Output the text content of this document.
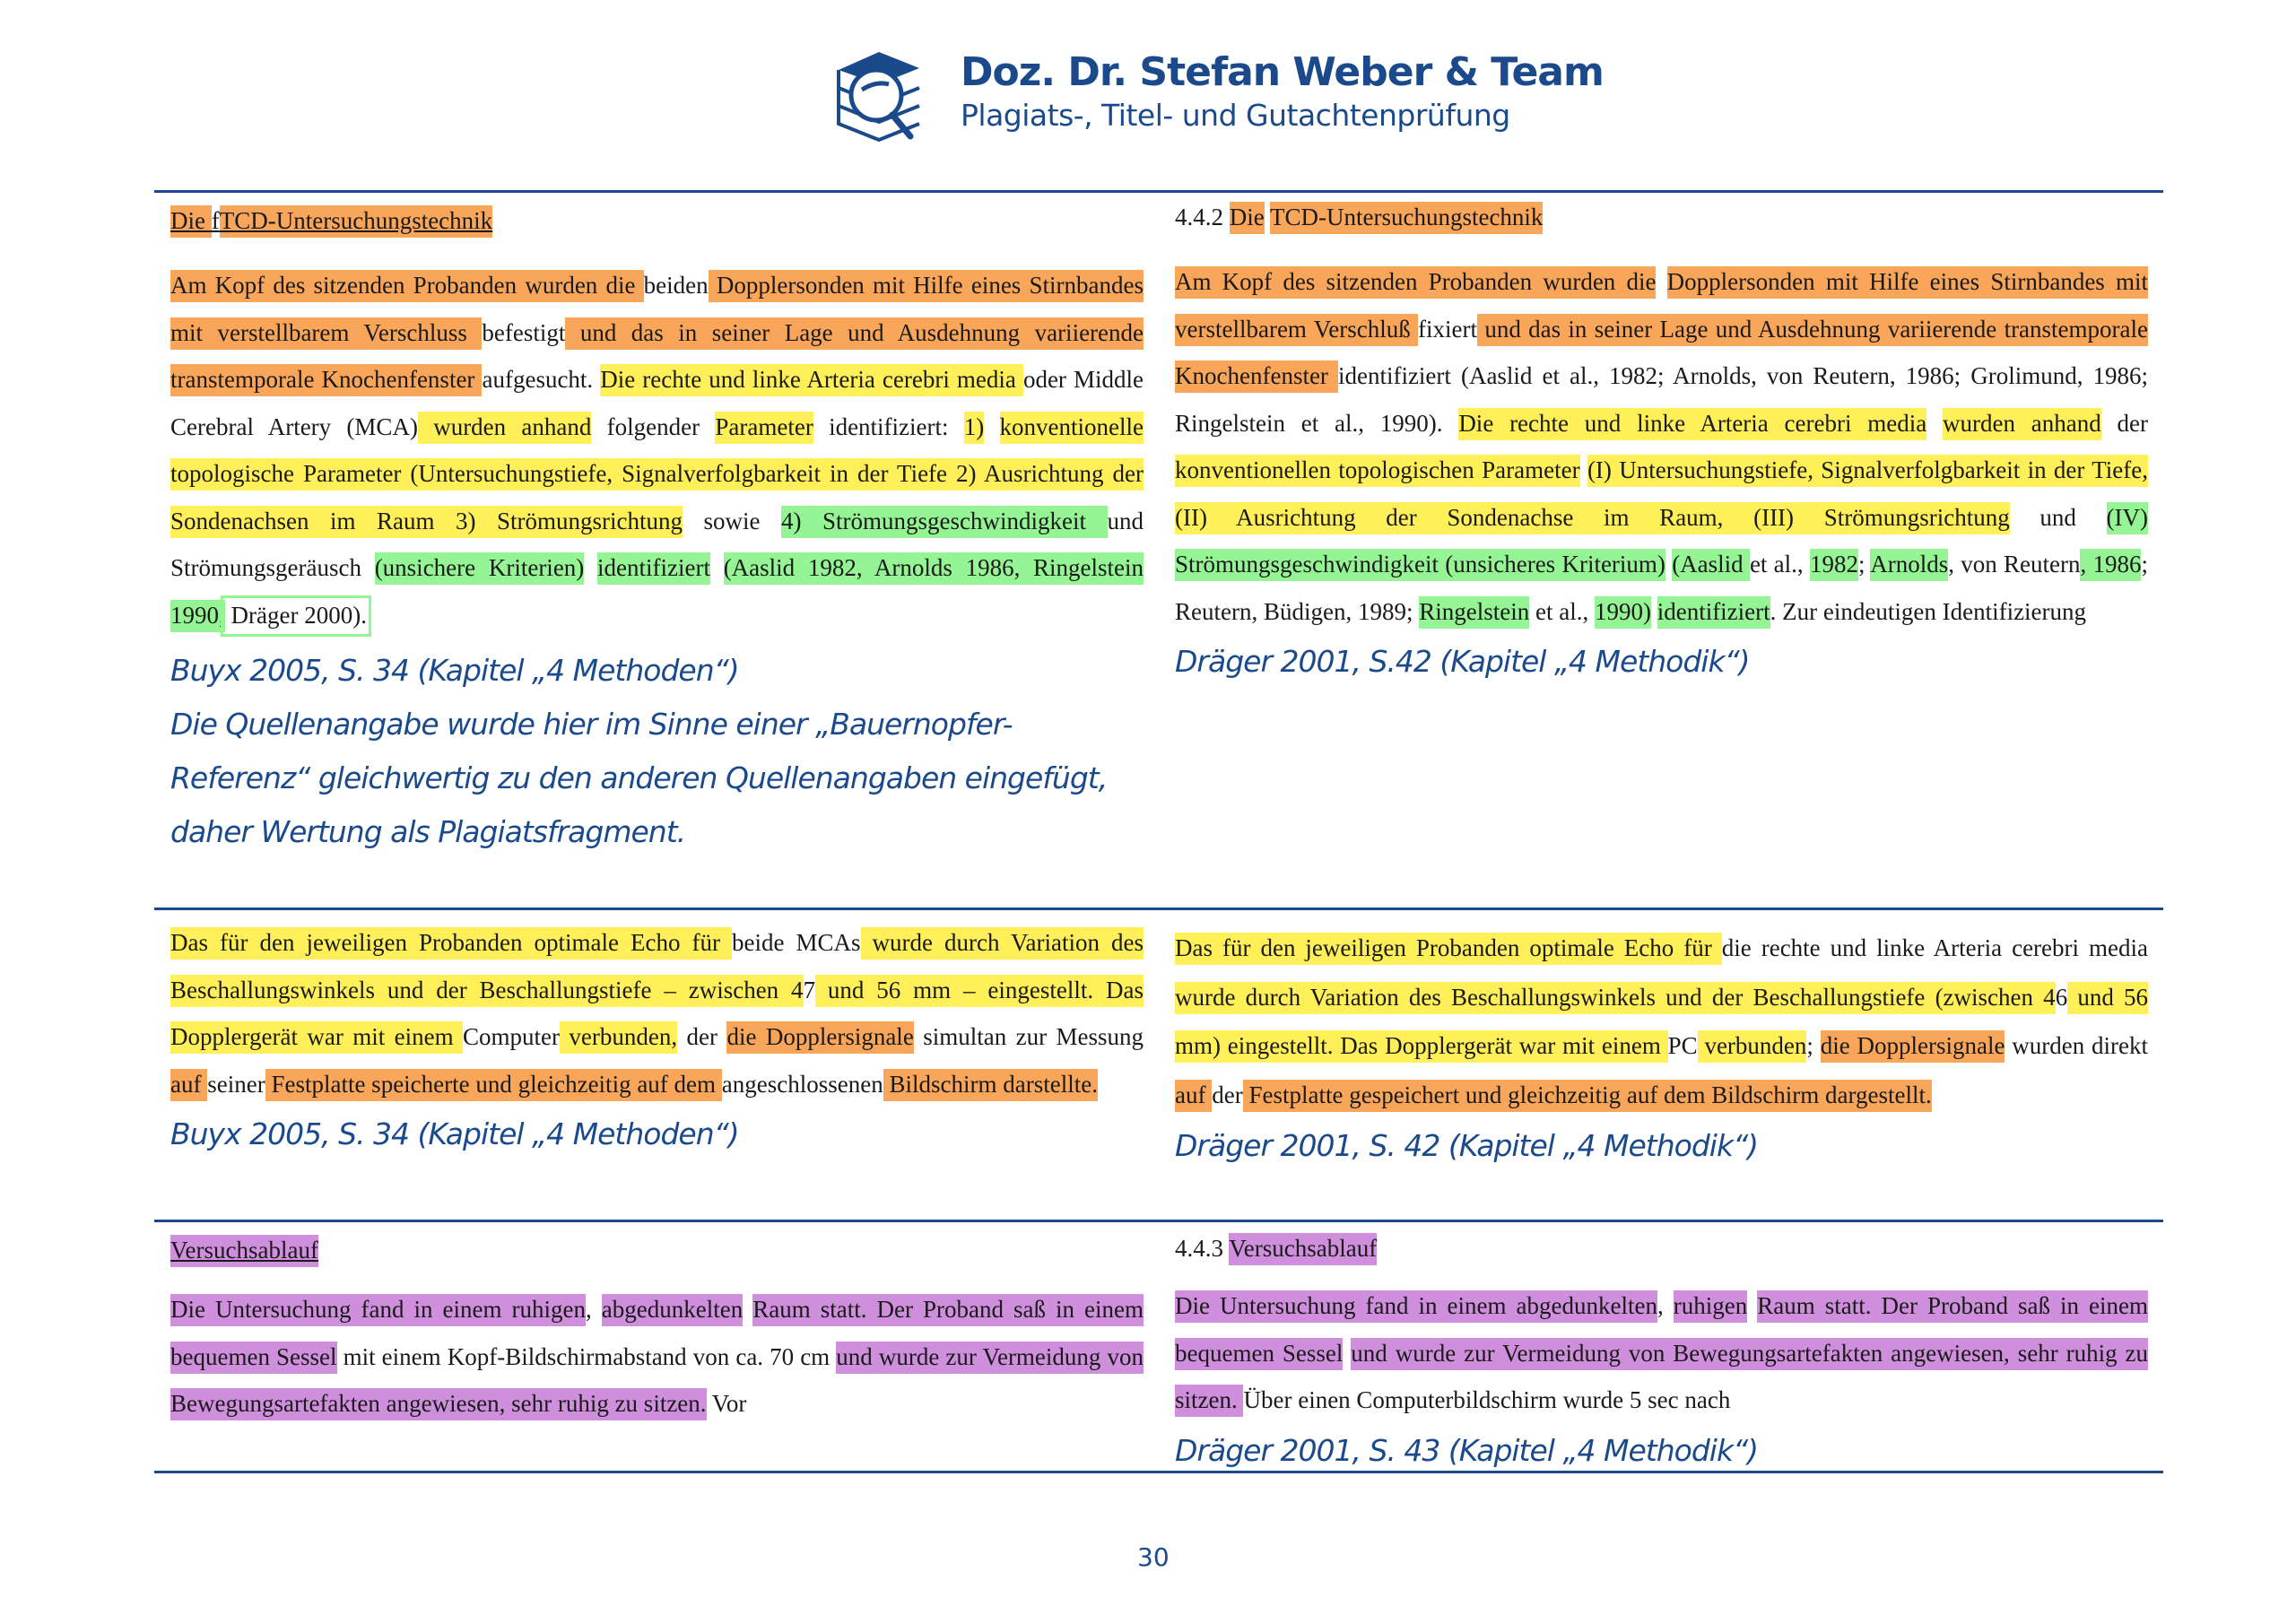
Doz. Dr. Stefan Weber & Team
Plagiats-, Titel- und Gutachtenprüfung

Die fTCD-Untersuchungstechnik

Am Kopf des sitzenden Probanden wurden die beiden Dopplersonden mit Hilfe eines Stirnbandes mit verstellbarem Verschluss befestigt und das in seiner Lage und Ausdehnung variierende transtemporale Knochenfenster aufgesucht. Die rechte und linke Arteria cerebri media oder Middle Cerebral Artery (MCA) wurden anhand folgender Parameter identifiziert: 1) konventionelle topologische Parameter (Untersuchungstiefe, Signalverfolgbarkeit in der Tiefe 2) Ausrichtung der Sondenachsen im Raum 3) Strömungsrichtung sowie 4) Strömungsgeschwindigkeit und Strömungsgeräusch (unsichere Kriterien) identifiziert (Aaslid 1982, Arnolds 1986, Ringelstein 1990, Dräger 2000).

Buyx 2005, S. 34 (Kapitel „4 Methoden“)

Die Quellenangabe wurde hier im Sinne einer „Bauernopfer-Referenz“ gleichwertig zu den anderen Quellenangaben eingefügt, daher Wertung als Plagiatsfragment.

4.4.2 Die TCD-Untersuchungstechnik

Am Kopf des sitzenden Probanden wurden die Dopplersonden mit Hilfe eines Stirnbandes mit verstellbarem Verschluß fixiert und das in seiner Lage und Ausdehnung variierende transtemporale Knochenfenster identifiziert (Aaslid et al., 1982; Arnolds, von Reutern, 1986; Grolimund, 1986; Ringelstein et al., 1990). Die rechte und linke Arteria cerebri media wurden anhand der konventionellen topologischen Parameter (I) Untersuchungstiefe, Signalverfolgbarkeit in der Tiefe, (II) Ausrichtung der Sondenachse im Raum, (III) Strömungsrichtung und (IV) Strömungsgeschwindigkeit (unsicheres Kriterium) (Aaslid et al., 1982; Arnolds, von Reutern, 1986; Reutern, Büdigen, 1989; Ringelstein et al., 1990) identifiziert. Zur eindeutigen Identifizierung

Dräger 2001, S.42 (Kapitel „4 Methodik“)

Das für den jeweiligen Probanden optimale Echo für beide MCAs wurde durch Variation des Beschallungswinkels und der Beschallungstiefe – zwischen 47 und 56 mm – eingestellt. Das Dopplergerät war mit einem Computer verbunden, der die Dopplersignale simultan zur Messung auf seiner Festplatte speicherte und gleichzeitig auf dem angeschlossenen Bildschirm darstellte.

Buyx 2005, S. 34 (Kapitel „4 Methoden“)

Das für den jeweiligen Probanden optimale Echo für die rechte und linke Arteria cerebri media wurde durch Variation des Beschallungswinkels und der Beschallungstiefe (zwischen 46 und 56 mm) eingestellt. Das Dopplergerät war mit einem PC verbunden; die Dopplersignale wurden direkt auf der Festplatte gespeichert und gleichzeitig auf dem Bildschirm dargestellt.

Dräger 2001, S. 42 (Kapitel „4 Methodik“)

Versuchsablauf

Die Untersuchung fand in einem ruhigen, abgedunkelten Raum statt. Der Proband saß in einem bequemen Sessel mit einem Kopf-Bildschirmabstand von ca. 70 cm und wurde zur Vermeidung von Bewegungsartefakten angewiesen, sehr ruhig zu sitzen. Vor

4.4.3 Versuchsablauf

Die Untersuchung fand in einem abgedunkelten, ruhigen Raum statt. Der Proband saß in einem bequemen Sessel und wurde zur Vermeidung von Bewegungsartefakten angewiesen, sehr ruhig zu sitzen. Über einen Computerbildschirm wurde 5 sec nach

Dräger 2001, S. 43 (Kapitel „4 Methodik“)

30
